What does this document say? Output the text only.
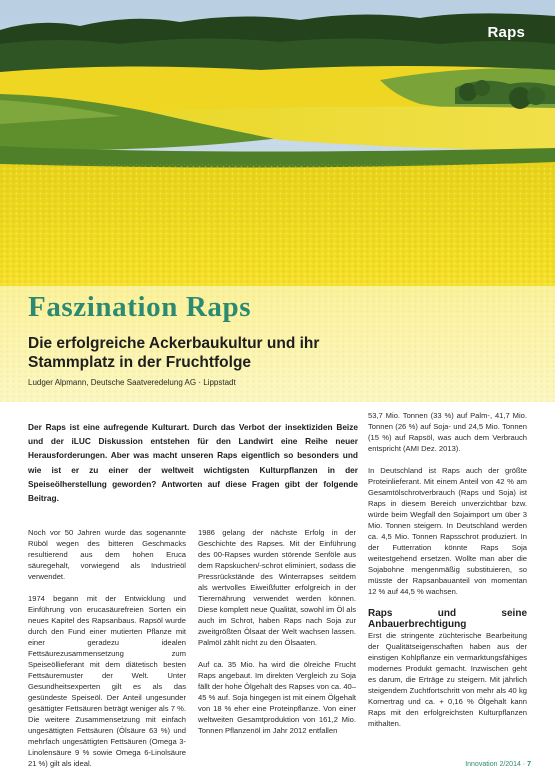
Raps
Faszination Raps
Die erfolgreiche Ackerbaukultur und ihr Stammplatz in der Fruchtfolge
Ludger Alpmann, Deutsche Saatveredelung AG · Lippstadt
Der Raps ist eine aufregende Kulturart. Durch das Verbot der insektiziden Beize und der iLUC Diskussion entstehen für den Landwirt eine Reihe neuer Herausforderungen. Aber was macht unseren Raps eigentlich so besonders und wie ist er zu einer der weltweit wichtigsten Kulturpflanzen in der Speiseölherstellung geworden? Antworten auf diese Fragen gibt der folgende Beitrag.

Noch vor 50 Jahren wurde das sogenannte Rüböl wegen des bitteren Geschmacks resultierend aus dem hohen Eruca säuregehalt, vorwiegend als Industrieöl verwendet.

1974 begann mit der Entwicklung und Einführung von erucasäurefreien Sorten ein neues Kapitel des Rapsanbaus. Rapsöl wurde durch den Fund einer mutierten Pflanze mit einer geradezu idealen Fettsäurezusammensetzung zum Speiseöllieferant mit dem diätetisch besten Fettsäuremuster der Welt. Unter Gesundheitsexperten gilt es als das gesündeste Speiseöl. Der Anteil ungesunder gesättigter Fettsäuren beträgt weniger als 7 %. Die weitere Zusammensetzung mit einfach ungesättigten Fettsäuren (Ölsäure 63 %) und mehrfach ungesättigten Fettsäuren (Omega 3-Linolensäure 9 % sowie Omega 6-Linolsäure 21 %) gilt als ideal.

1986 gelang der nächste Erfolg in der Geschichte des Rapses. Mit der Einführung des 00-Rapses wurden störende Senföle aus dem Rapskuchen/-schrot eliminiert, sodass die Pressrückstände des Winterrapses seitdem als wertvolles Eiweißfutter erfolgreich in der Tierernährung verwendet werden können. Diese komplett neue Qualität, sowohl im Öl als auch im Schrot, haben Raps nach Soja zur zweitgrößten Ölsaat der Welt wachsen lassen. Palmöl zählt nicht zu den Ölsaaten.

Auf ca. 35 Mio. ha wird die ölreiche Frucht Raps angebaut. Im direkten Vergleich zu Soja fällt der hohe Ölgehalt des Rapses von ca. 40–45 % auf. Soja hingegen ist mit einem Ölgehalt von 18 % eher eine Proteinpflanze. Von einer weltweiten Gesamtproduktion von 161,2 Mio. Tonnen Pflanzenöl im Jahr 2012 entfallen

53,7 Mio. Tonnen (33 %) auf Palm-, 41,7 Mio. Tonnen (26 %) auf Soja- und 24,5 Mio. Tonnen (15 %) auf Rapsöl, was auch dem Verbrauch entspricht (AMI Dez. 2013).

In Deutschland ist Raps auch der größte Proteinlieferant. Mit einem Anteil von 42 % am Gesamtölschrotverbrauch (Raps und Soja) ist Raps in diesem Bereich unverzichtbar bzw. würde beim Wegfall den Sojaimport um über 3 Mio. Tonnen steigern. In Deutschland werden ca. 4,5 Mio. Tonnen Rapsschrot produziert. In der Futterration könnte Raps Soja weitestgehend ersetzen. Wollte man aber die Sojabohne mengenmäßig substituieren, so müsste der Rapsanbauanteil von momentan 12 % auf 44,5 % wachsen.

Raps und seine Anbauerbrechtigung

Erst die stringente züchterische Bearbeitung der Qualitätseigenschaften haben aus der einstigen Kohlpflanze ein vermarktungsfähiges modernes Produkt gemacht. Inzwischen geht es darum, die Erträge zu steigern. Mit jährlich steigendem Zuchtfortschritt von mehr als 40 kg Kornertrag und ca. + 0,16 % Ölgehalt kann Raps mit den erfolgreichsten Kulturpflanzen mithalten.

Innovation 2/2014 · 7
